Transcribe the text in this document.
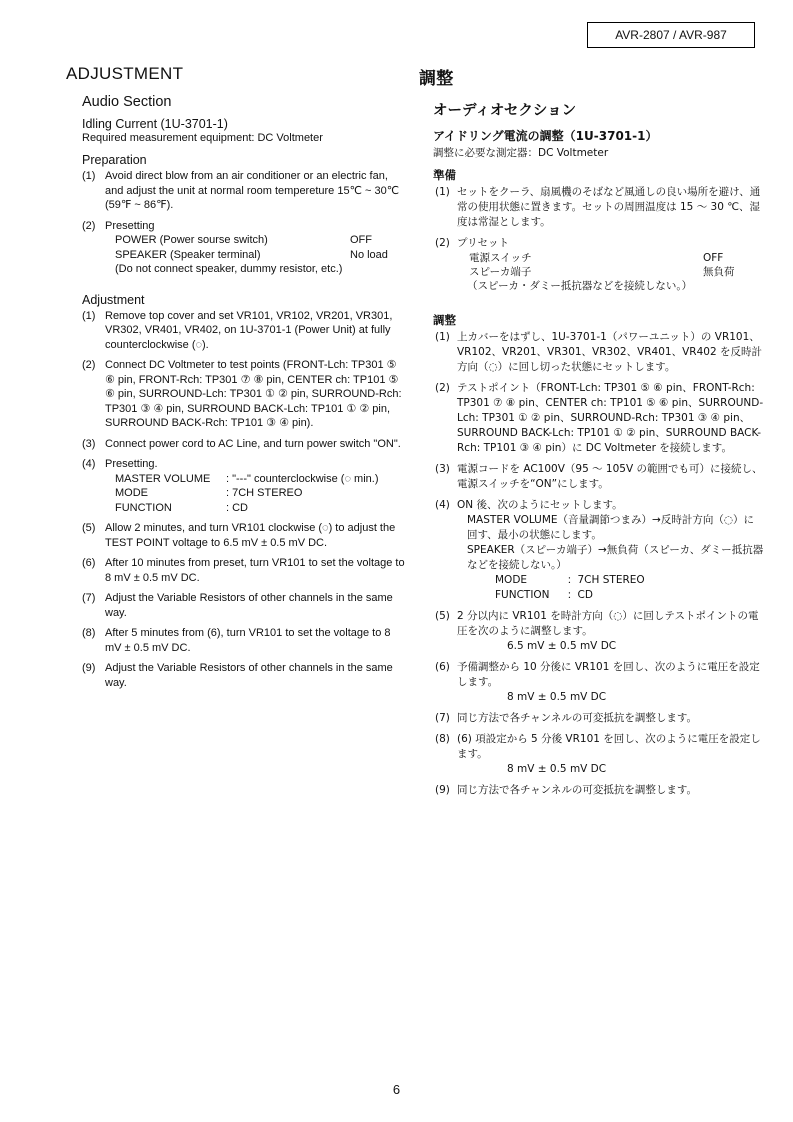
AVR-2807 / AVR-987
ADJUSTMENT
Audio Section
Idling Current (1U-3701-1)
Required measurement equipment: DC Voltmeter
Preparation
(1) Avoid direct blow from an air conditioner or an electric fan, and adjust the unit at normal room tempereture 15℃ ~ 30℃ (59℉ ~ 86℉).
(2) Presetting
POWER (Power sourse switch)	OFF
SPEAKER (Speaker terminal)	No load
(Do not connect speaker, dummy resistor, etc.)
Adjustment
(1) Remove top cover and set VR101, VR102, VR201, VR301, VR302, VR401, VR402, on 1U-3701-1 (Power Unit) at fully counterclockwise (◌).
(2) Connect DC Voltmeter to test points (FRONT-Lch: TP301 ⑤ ⑥ pin, FRONT-Rch: TP301 ⑦ ⑧ pin, CENTER ch: TP101 ⑤ ⑥ pin, SURROUND-Lch: TP301 ① ② pin, SURROUND-Rch: TP301 ③ ④ pin, SURROUND BACK-Lch: TP101 ① ② pin, SURROUND BACK-Rch: TP101 ③ ④ pin).
(3) Connect power cord to AC Line, and turn power switch "ON".
(4) Presetting.
MASTER VOLUME	: "---" counterclockwise (◌ min.)
MODE	: 7CH STEREO
FUNCTION	: CD
(5) Allow 2 minutes, and turn VR101 clockwise (◌) to adjust the TEST POINT voltage to 6.5 mV ± 0.5 mV DC.
(6) After 10 minutes from preset, turn VR101 to set the voltage to 8 mV ± 0.5 mV DC.
(7) Adjust the Variable Resistors of other channels in the same way.
(8) After 5 minutes from (6), turn VR101 to set the voltage to 8 mV ± 0.5 mV DC.
(9) Adjust the Variable Resistors of other channels in the same way.
調整
オーディオセクション
アイドリング電流の調整（1U-3701-1）
調整に必要な測定器：DC Voltmeter
準備
(1) セットをクーラ、扇風機のそばなど風通しの良い場所を避け、通常の使用状態に置きます。セットの周囲温度は 15 ～ 30 ℃、湿度は常湿とします。
(2) プリセット
電源スイッチ	OFF
スピーカ端子	無負荷
（スピーカ・ダミー抵抗器などを接続しない。）
調整
(1) 上カバーをはずし、1U-3701-1（パワーユニット）の VR101、VR102、VR201、VR301、VR302、VR401、VR402 を反時計方向（◌）に回し切った状態にセットします。
(2) テストポイント（FRONT-Lch: TP301 ⑤ ⑥ pin、FRONT-Rch: TP301 ⑦ ⑧ pin、CENTER ch: TP101 ⑤ ⑥ pin、SURROUND-Lch: TP301 ① ② pin、SURROUND-Rch: TP301 ③ ④ pin、SURROUND BACK-Lch: TP101 ① ② pin、SURROUND BACK-Rch: TP101 ③ ④ pin）に DC Voltmeter を接続します。
(3) 電源コードを AC100V（95 ～ 105V の範囲でも可）に接続し、電源スイッチを“ON”にします。
(4) ON 後、次のようにセットします。
MASTER VOLUME（音量調節つまみ）→反時計方向（◌）に回す、最小の状態にします。
SPEAKER（スピーカ端子）→無負荷（スピーカ、ダミー抵抗器などを接続しない。）
MODE	：7CH STEREO
FUNCTION	：CD
(5) 2 分以内に VR101 を時計方向（◌）に回しテストポイントの電圧を次のように調整します。
6.5 mV ± 0.5 mV DC
(6) 予備調整から 10 分後に VR101 を回し、次のように電圧を設定します。
8 mV ± 0.5 mV DC
(7) 同じ方法で各チャンネルの可変抵抗を調整します。
(8) (6) 項設定から 5 分後 VR101 を回し、次のように電圧を設定します。
8 mV ± 0.5 mV DC
(9) 同じ方法で各チャンネルの可変抵抗を調整します。
6
